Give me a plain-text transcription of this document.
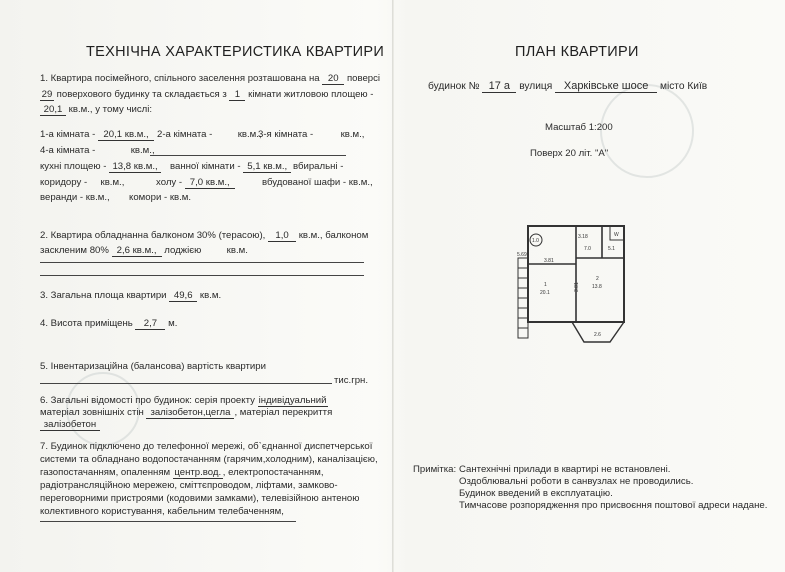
ТЕХНІЧНА ХАРАКТЕРИСТИКА КВАРТИРИ
1. Квартира посімейного, спільного заселення розташована на 20 поверсі
29 поверхового будинку та складається з 1 кімнати житловою площею -
20,1 кв.м., у тому числі:
1-а кімната - 20,1 кв.м., 2-а кімната -	кв.м.,
3-я кімната -	кв.м.,
4-а кімната -	кв.м.,
кухні площею - 13,8 кв.м.,	ванної кімнати - 5,1 кв.м., вбиральні -
коридору - кв.м.,	холу - 7,0 кв.м.,	вбудованої шафи - кв.м.,
веранди - кв.м., комори - кв.м.
2. Квартира обладнанна балконом 30% (терасою), 1,0 кв.м., балконом
засклeним 80% 2,6 кв.м., лоджією	кв.м.
3. Загальна площа квартири 49,6 кв.м.
4. Висота приміщень 2,7 м.
5. Інвентаризаційна (балансова) вартість квартири
тис.грн.
6. Загальні відомості про будинок: серія проекту індивідуальний
матеріал зовнішніх стін залізобетон,цегла , матеріал перекриття
залізобетон
7. Будинок підключено до телефонної мережі, об`єднанної диспетчерської
системи та обладнано водопостачанням (гарячим,холодним), каналізацією,
газопостачанням, опаленням центр.вод. , електропостачанням,
радіотрансляційною мережею, сміттєпроводом, ліфтами, замково-
переговорними пристроями (кодовими замками), телевізійною антеною
колективного користування, кабельним телебаченням,
ПЛАН КВАРТИРИ
будинок № 17 а вулиця Харківське шосе місто Київ
Масштаб 1:200
Поверх 20 літ. "А"
1
20.1
2
13.8
7.0	5.1
1.0
2.6
3.18
3.81
5.69
3.81
W
Примітка: Сантехнічні прилади в квартирі не встановлені.
Оздоблювальні роботи в санвузлах не проводились.
Будинок введений в експлуатацію.
Тимчасове розпорядження про присвоєння поштової адреси надане.
